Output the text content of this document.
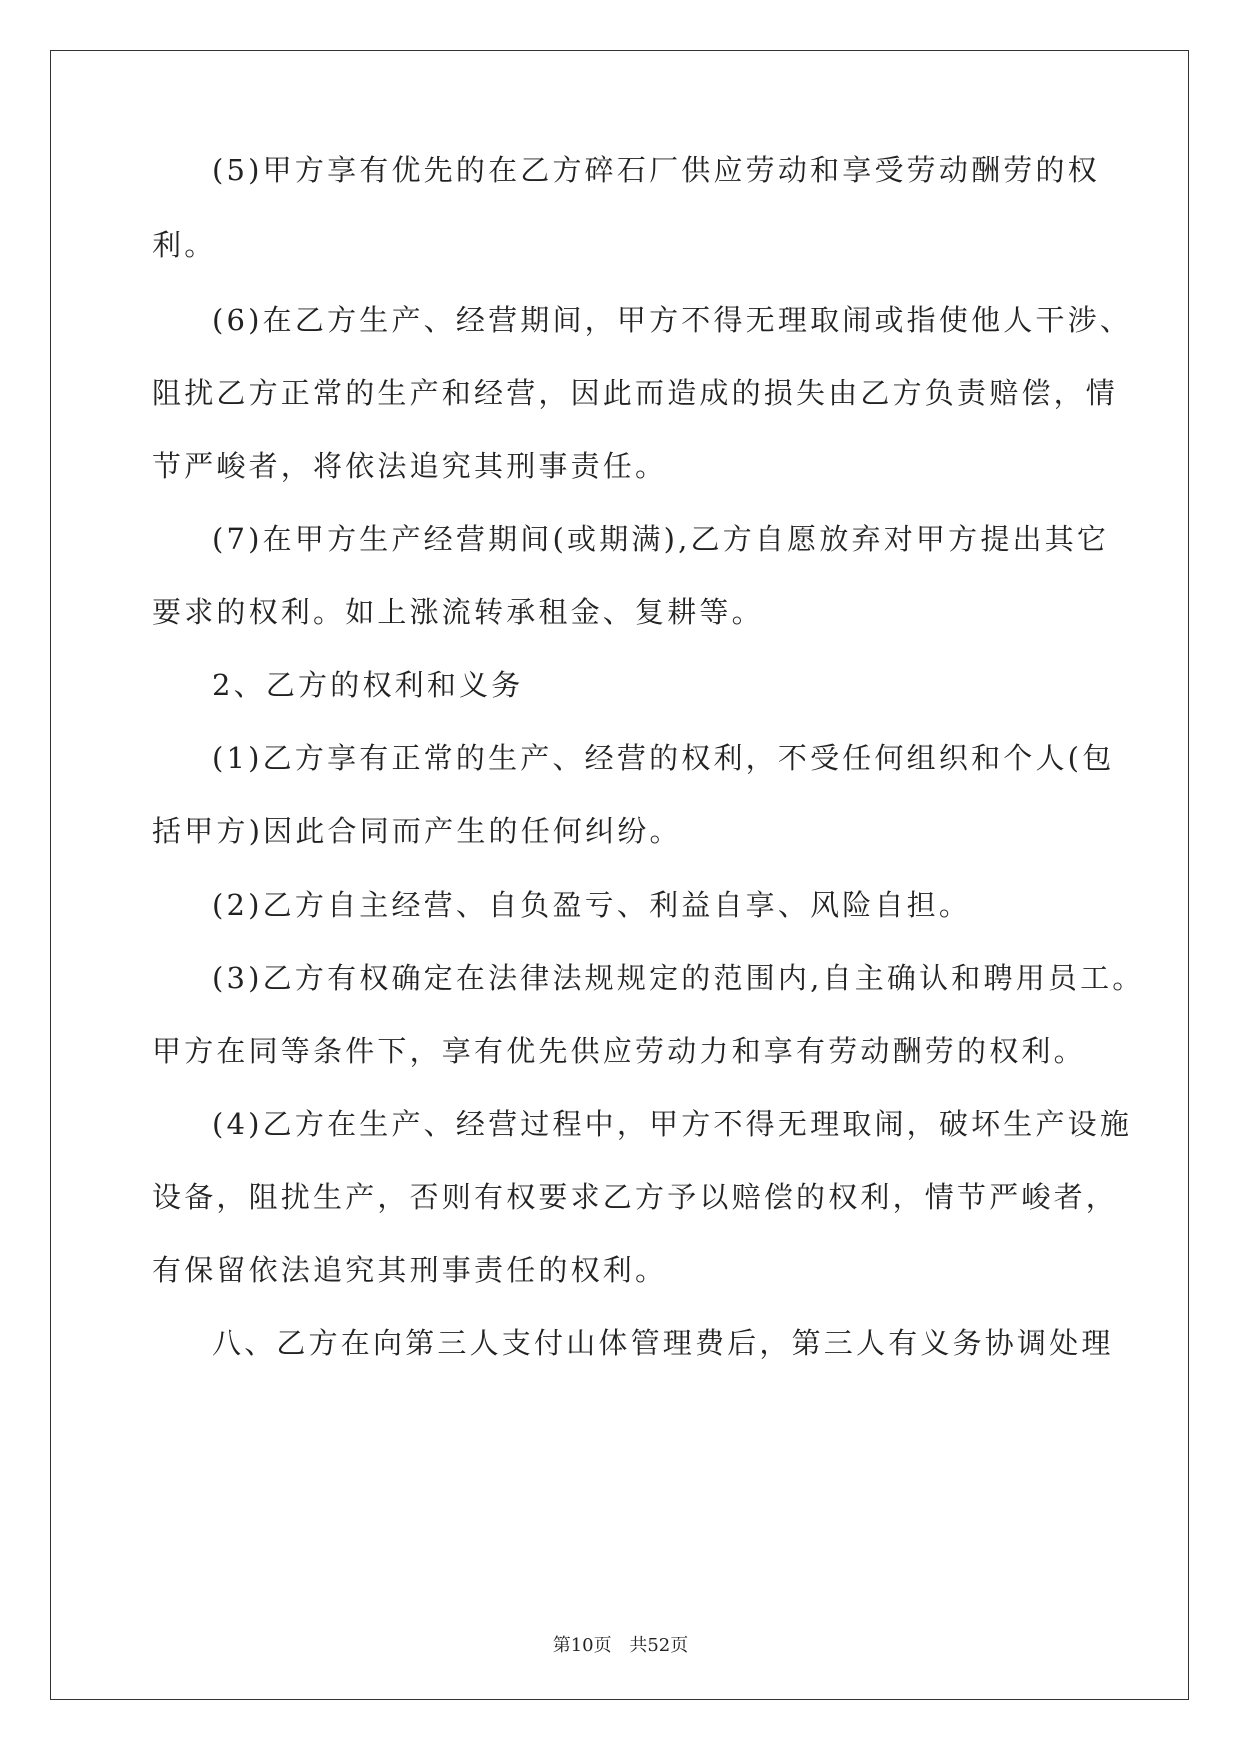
(5)甲方享有优先的在乙方碎石厂供应劳动和享受劳动酬劳的权
利。
(6)在乙方生产、经营期间，甲方不得无理取闹或指使他人干涉、
阻扰乙方正常的生产和经营，因此而造成的损失由乙方负责赔偿，情
节严峻者，将依法追究其刑事责任。
(7)在甲方生产经营期间(或期满),乙方自愿放弃对甲方提出其它
要求的权利。如上涨流转承租金、复耕等。
2、乙方的权利和义务
(1)乙方享有正常的生产、经营的权利，不受任何组织和个人(包
括甲方)因此合同而产生的任何纠纷。
(2)乙方自主经营、自负盈亏、利益自享、风险自担。
(3)乙方有权确定在法律法规规定的范围内,自主确认和聘用员工。
甲方在同等条件下，享有优先供应劳动力和享有劳动酬劳的权利。
(4)乙方在生产、经营过程中，甲方不得无理取闹，破坏生产设施
设备，阻扰生产，否则有权要求乙方予以赔偿的权利，情节严峻者，
有保留依法追究其刑事责任的权利。
八、乙方在向第三人支付山体管理费后，第三人有义务协调处理
第10页 共52页
